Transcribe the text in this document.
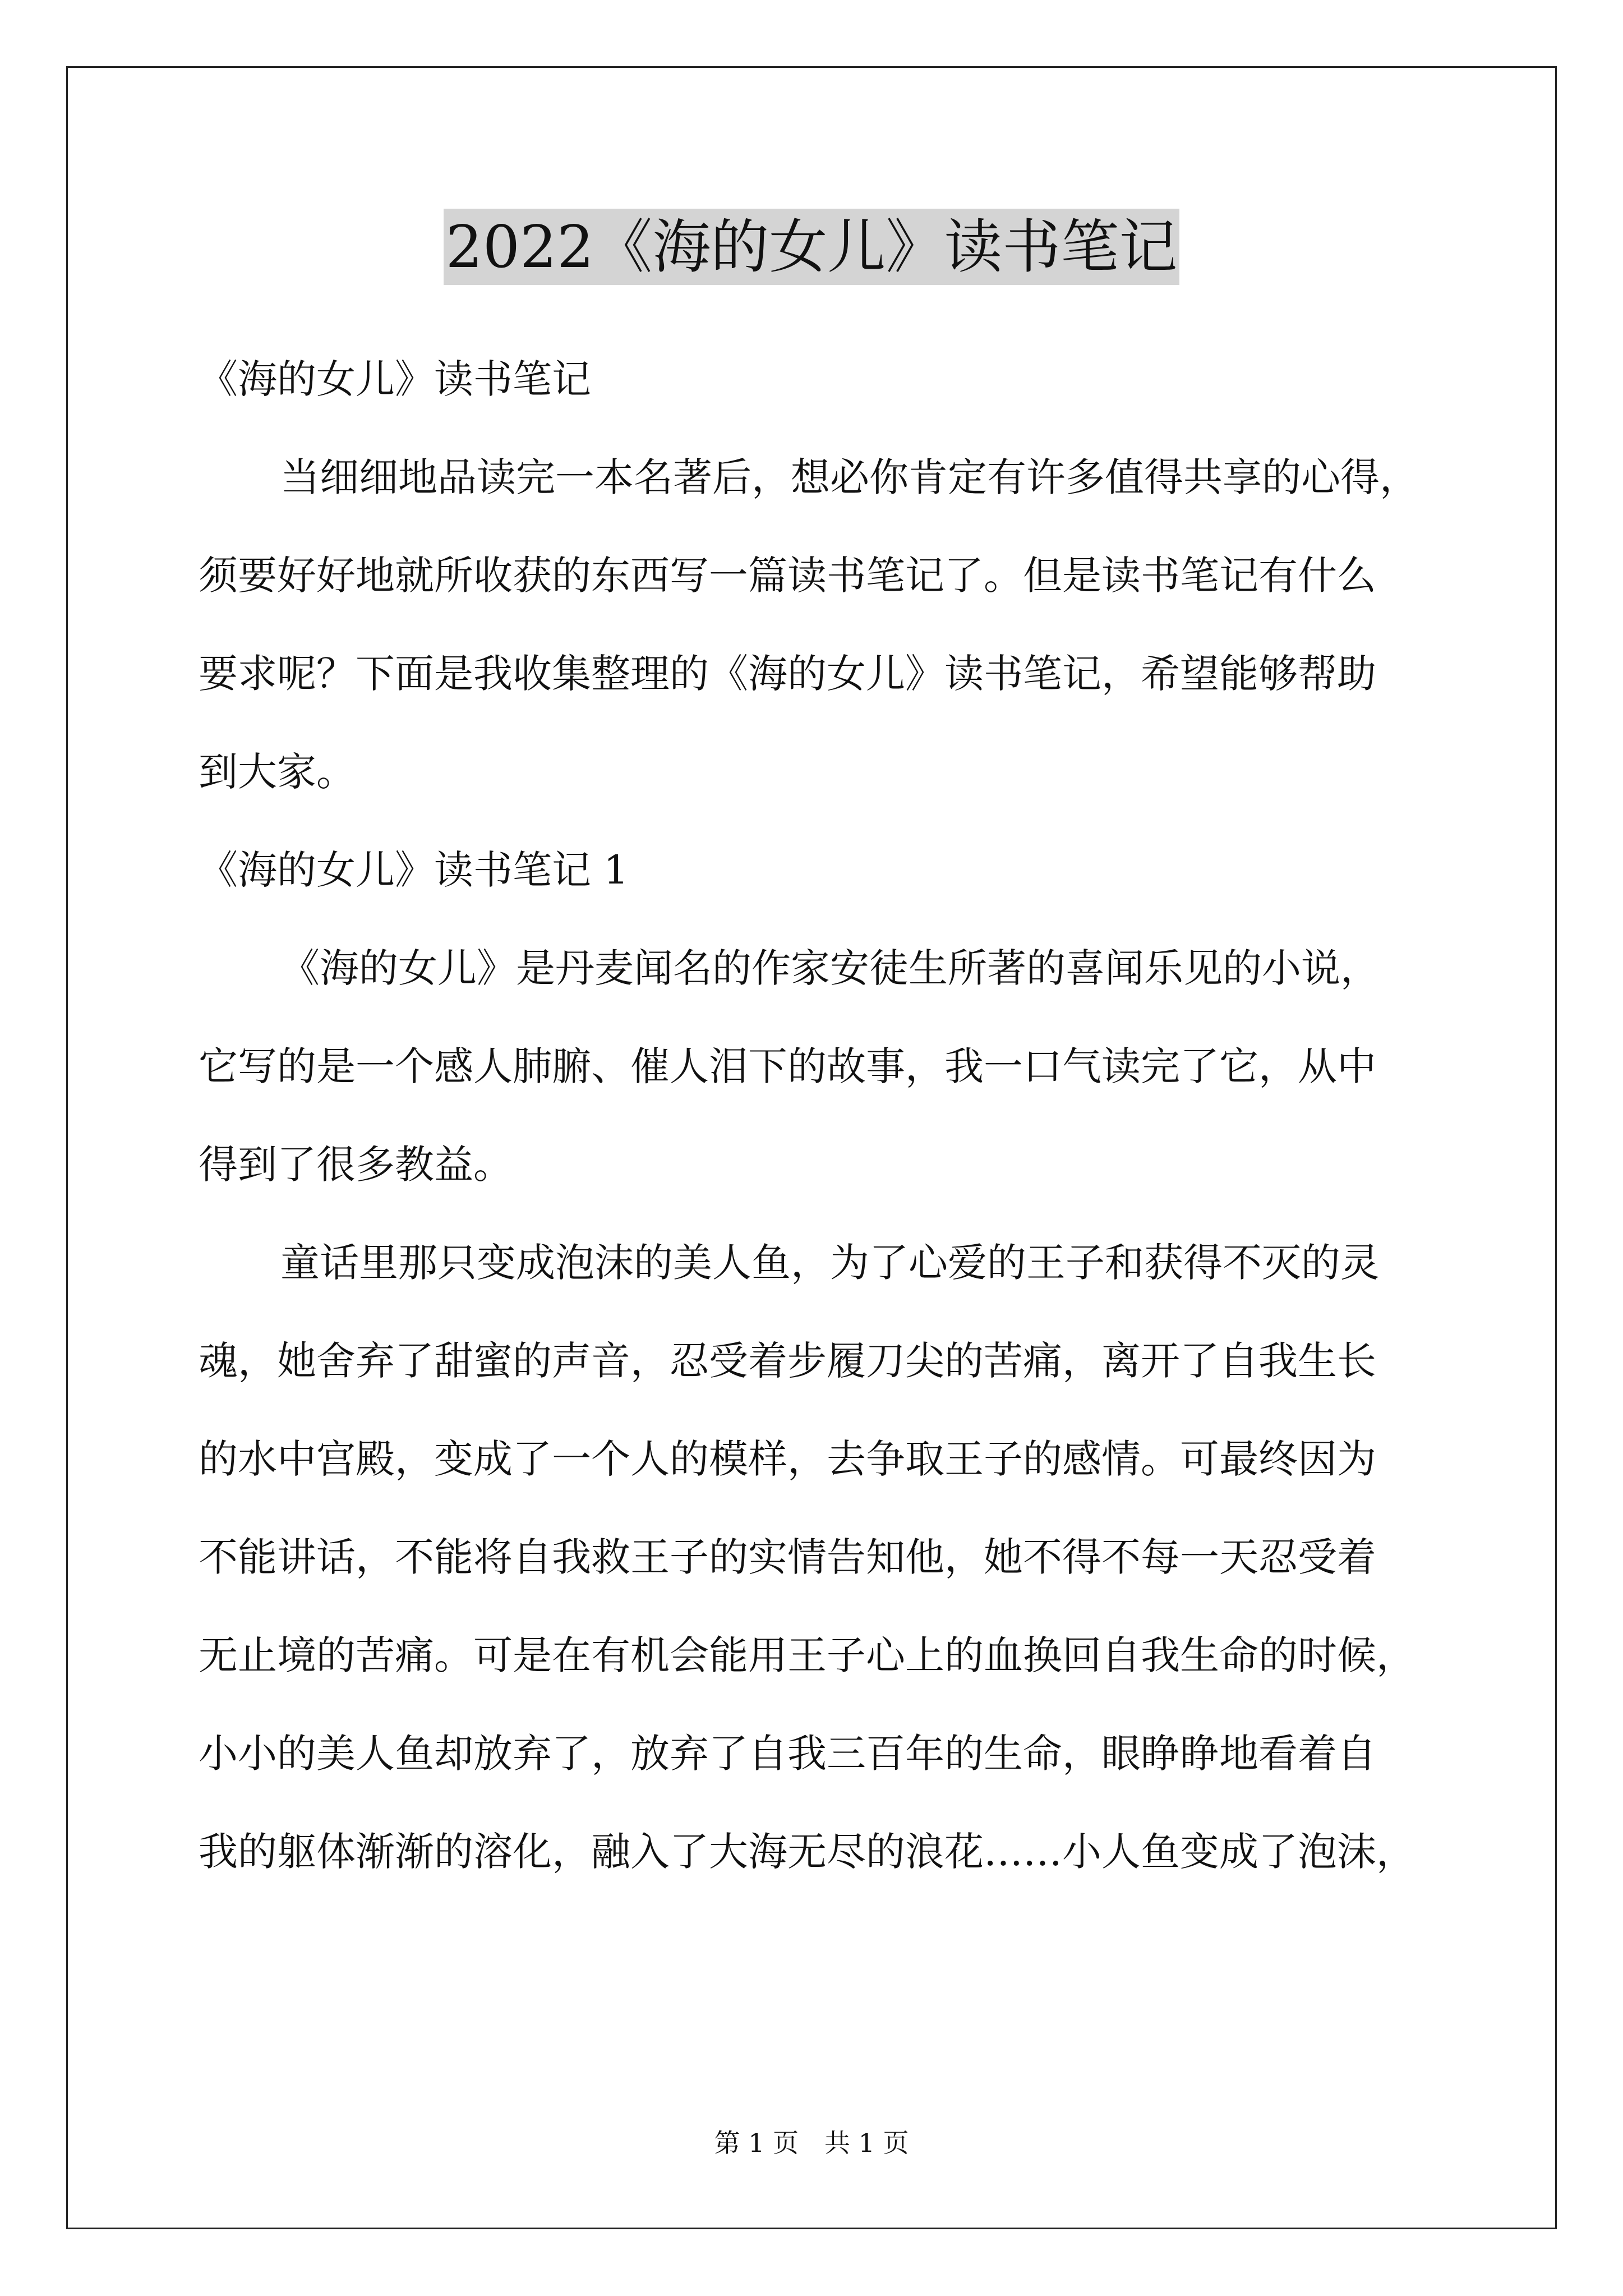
2022《海的女儿》读书笔记
《海的女儿》读书笔记
当细细地品读完一本名著后，想必你肯定有许多值得共享的心得，
须要好好地就所收获的东西写一篇读书笔记了。但是读书笔记有什么
要求呢？下面是我收集整理的《海的女儿》读书笔记，希望能够帮助
到大家。
《海的女儿》读书笔记 1
《海的女儿》是丹麦闻名的作家安徒生所著的喜闻乐见的小说，
它写的是一个感人肺腑、催人泪下的故事，我一口气读完了它，从中
得到了很多教益。
童话里那只变成泡沫的美人鱼，为了心爱的王子和获得不灭的灵
魂，她舍弃了甜蜜的声音，忍受着步履刀尖的苦痛，离开了自我生长
的水中宫殿，变成了一个人的模样，去争取王子的感情。可最终因为
不能讲话，不能将自我救王子的实情告知他，她不得不每一天忍受着
无止境的苦痛。可是在有机会能用王子心上的血换回自我生命的时候，
小小的美人鱼却放弃了，放弃了自我三百年的生命，眼睁睁地看着自
我的躯体渐渐的溶化，融入了大海无尽的浪花……小人鱼变成了泡沫，
第 1 页 共 1 页
